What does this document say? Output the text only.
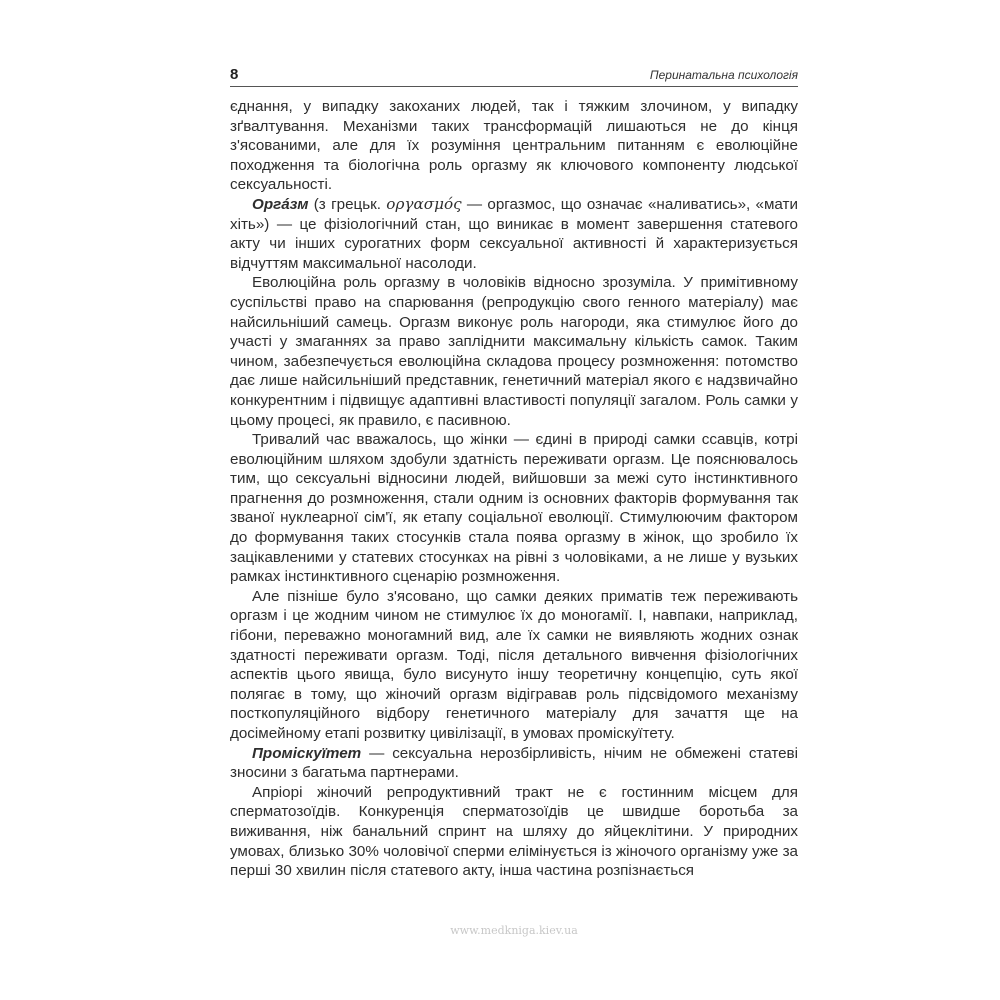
8	Перинатальна психологія

єднання, у випадку закоханих людей, так і тяжким злочином, у випадку зґвалтування. Механізми таких трансформацій лишаються не до кінця з'ясованими, але для їх розуміння центральним питанням є еволюційне походження та біологічна роль оргазму як ключового компоненту людської сексуальності.

Оргáзм (з грецьк. οργασμός — оргазмос, що означає «наливатись», «мати хіть») — це фізіологічний стан, що виникає в момент завершення статевого акту чи інших сурогатних форм сексуальної активності й характеризується відчуттям максимальної насолоди.

Еволюційна роль оргазму в чоловіків відносно зрозуміла. У примітивному суспільстві право на спарювання (репродукцію свого генного матеріалу) має найсильніший самець. Оргазм виконує роль нагороди, яка стимулює його до участі у змаганнях за право запліднити максимальну кількість самок. Таким чином, забезпечується еволюційна складова процесу розмноження: потомство дає лише найсильніший представник, генетичний матеріал якого є надзвичайно конкурентним і підвищує адаптивні властивості популяції загалом. Роль самки у цьому процесі, як правило, є пасивною.

Тривалий час вважалось, що жінки — єдині в природі самки ссавців, котрі еволюційним шляхом здобули здатність переживати оргазм. Це пояснювалось тим, що сексуальні відносини людей, вийшовши за межі суто інстинктивного прагнення до розмноження, стали одним із основних факторів формування так званої нуклеарної сім'ї, як етапу соціальної еволюції. Стимулюючим фактором до формування таких стосунків стала поява оргазму в жінок, що зробило їх зацікавленими у статевих стосунках на рівні з чоловіками, а не лише у вузьких рамках інстинктивного сценарію розмноження.

Але пізніше було з'ясовано, що самки деяких приматів теж переживають оргазм і це жодним чином не стимулює їх до моногамії. І, навпаки, наприклад, гібони, переважно моногамний вид, але їх самки не виявляють жодних ознак здатності переживати оргазм. Тоді, після детального вивчення фізіологічних аспектів цього явища, було висунуто іншу теоретичну концепцію, суть якої полягає в тому, що жіночий оргазм відігравав роль підсвідомого механізму посткопуляційного відбору генетичного матеріалу для зачаття ще на досімейному етапі розвитку цивілізації, в умовах проміскуїтету.

Проміскуїтет — сексуальна нерозбірливість, нічим не обмежені статеві зносини з багатьма партнерами.

Апріорі жіночий репродуктивний тракт не є гостинним місцем для сперматозоїдів. Конкуренція сперматозоїдів це швидше боротьба за виживання, ніж банальний спринт на шляху до яйцеклітини. У природних умовах, близько 30% чоловічої сперми елімінується із жіночого організму уже за перші 30 хвилин після статевого акту, інша частина розпізнається

www.medkniga.kiev.ua
